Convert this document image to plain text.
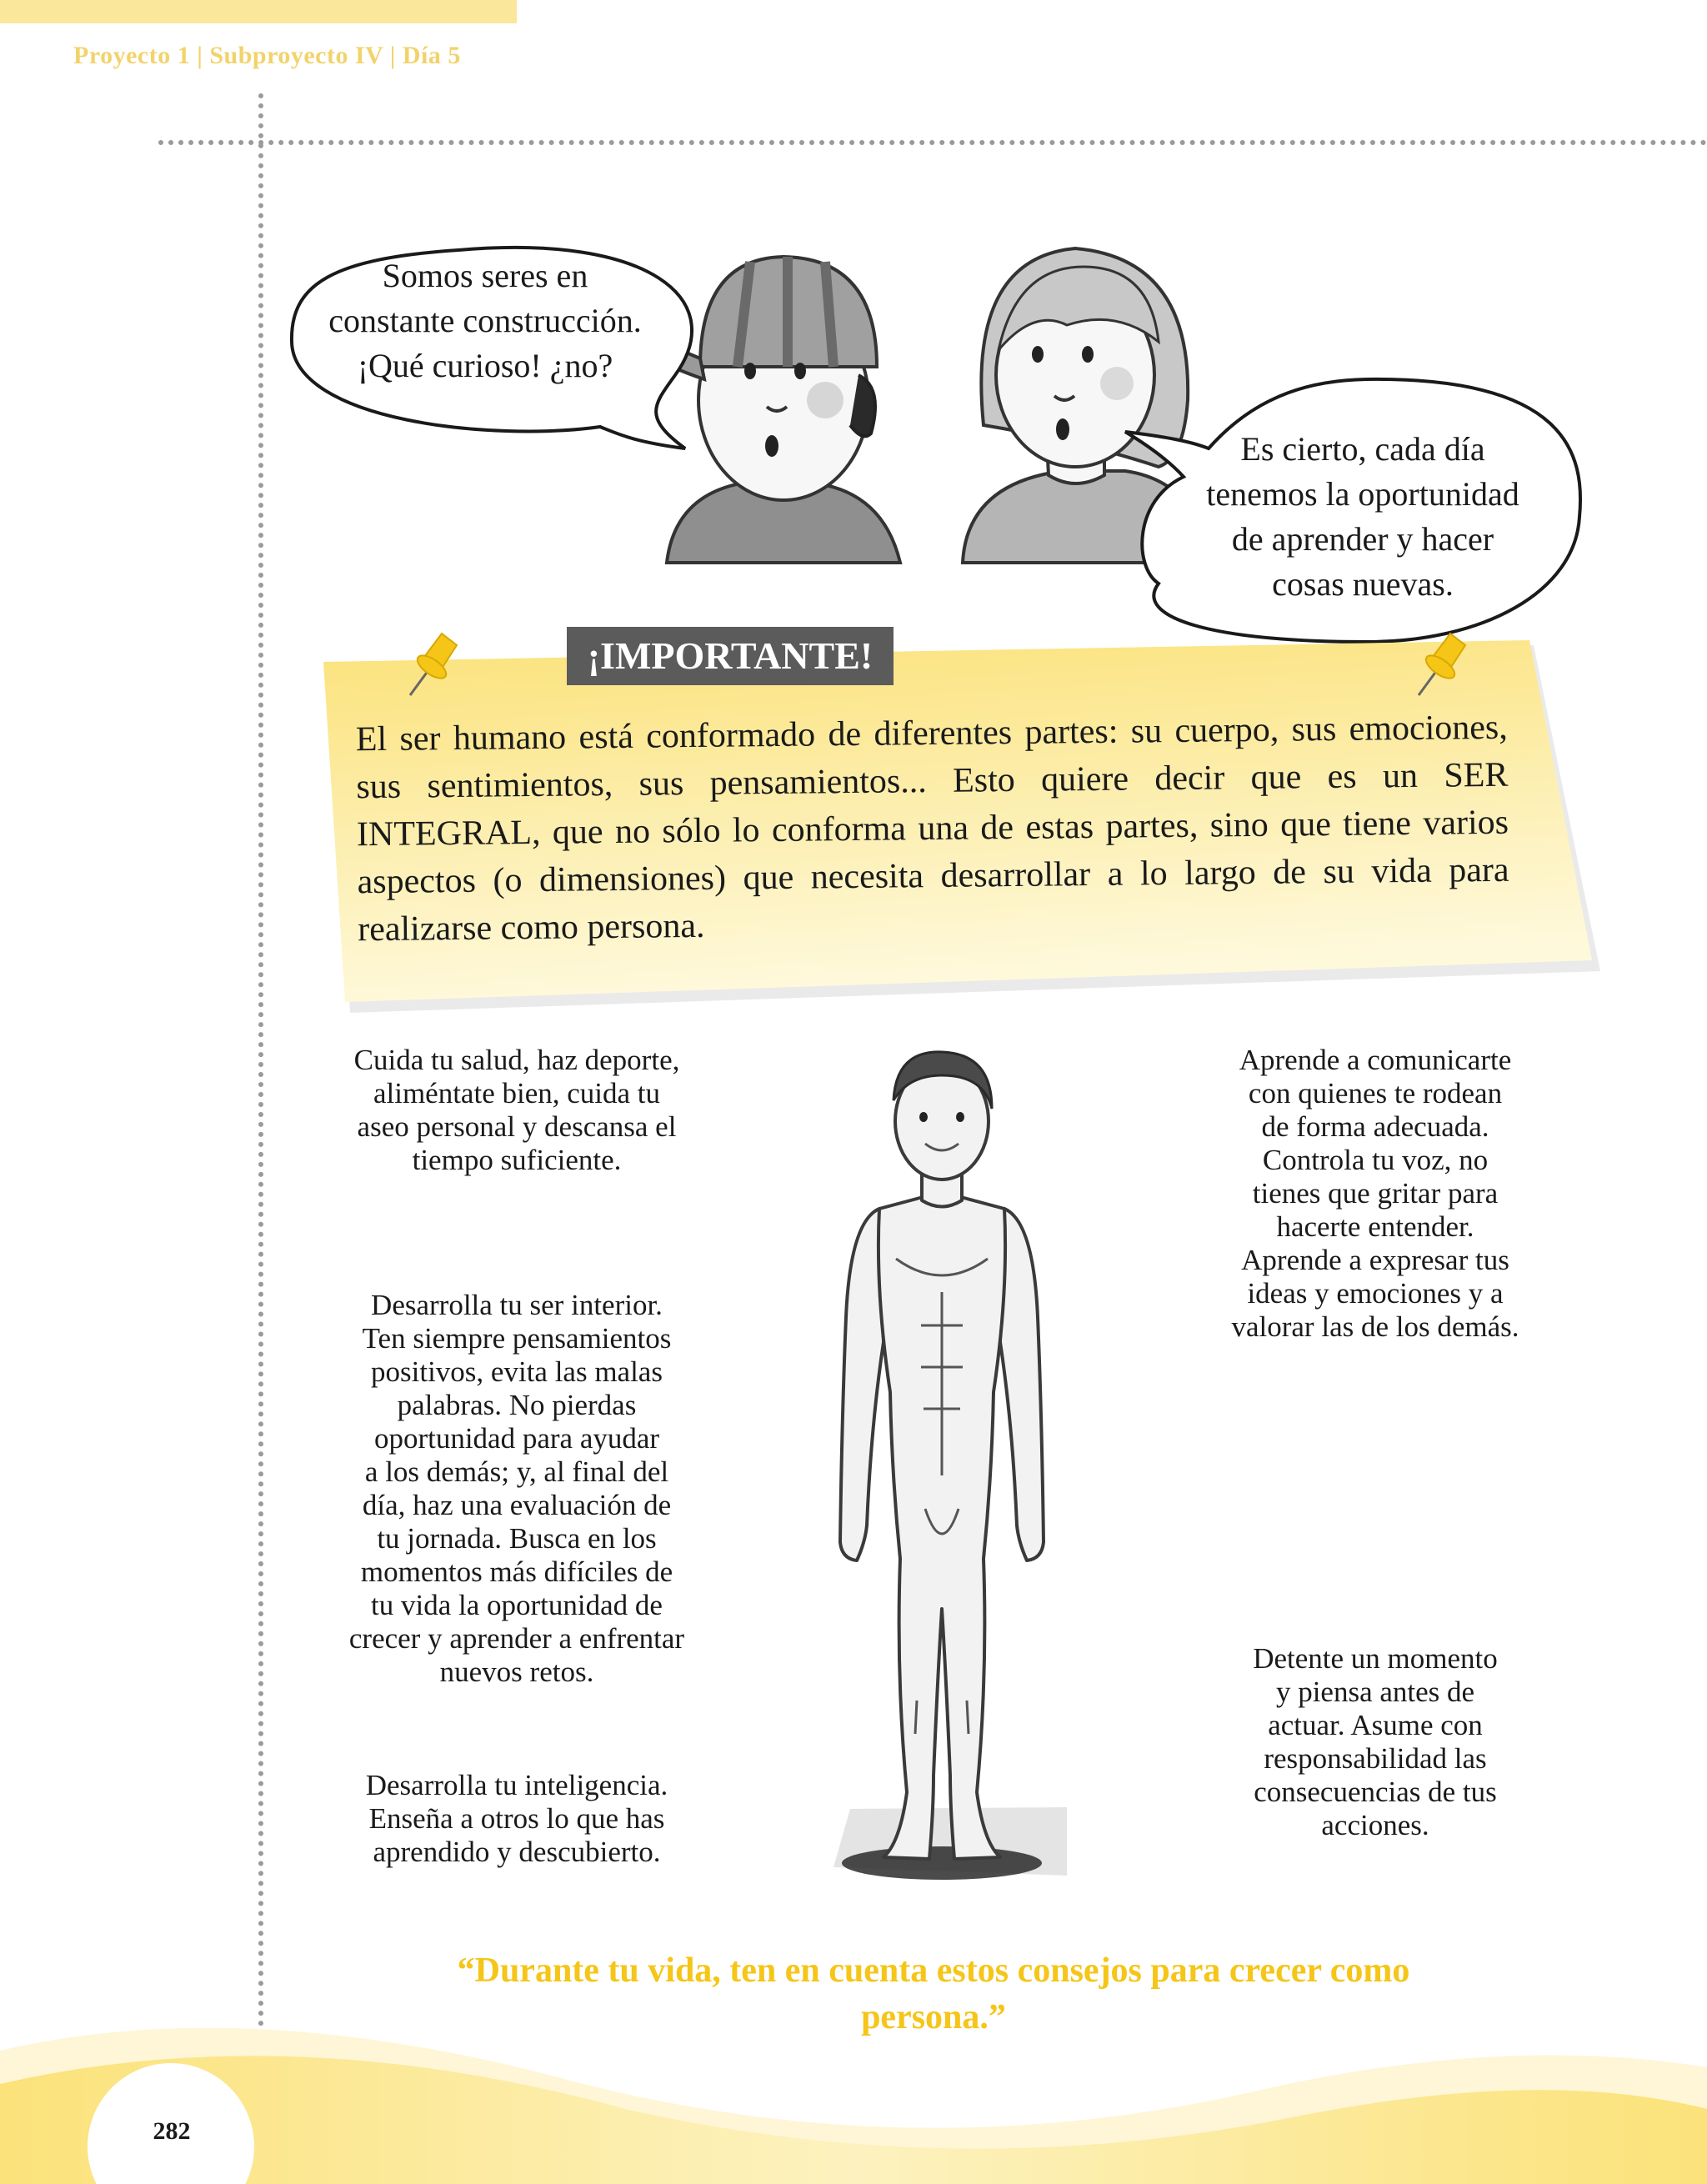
Proyecto 1 | Subproyecto IV | Día 5
Somos seres en
constante construcción.
¡Qué curioso! ¿no?
Es cierto, cada día
tenemos la oportunidad
de aprender y hacer
cosas nuevas.
¡IMPORTANTE!
El ser humano está conformado de diferentes partes: su cuerpo, sus emociones, sus sentimientos, sus pensamientos... Esto quiere decir que es un SER INTEGRAL, que no sólo lo conforma una de estas partes, sino que tiene varios aspectos (o dimensiones) que necesita desarrollar a lo largo de su vida para realizarse como persona.
Cuida tu salud, haz deporte,
aliméntate bien, cuida tu
aseo personal y descansa el
tiempo suficiente.
Desarrolla tu ser interior.
Ten siempre pensamientos
positivos, evita las malas
palabras. No pierdas
oportunidad para ayudar
a los demás; y, al final del
día, haz una evaluación de
tu jornada. Busca en los
momentos más difíciles de
tu vida la oportunidad de
crecer y aprender a enfrentar
nuevos retos.
Desarrolla tu inteligencia.
Enseña a otros lo que has
aprendido y descubierto.
Aprende a comunicarte
con quienes te rodean
de forma adecuada.
Controla tu voz, no
tienes que gritar para
hacerte entender.
Aprende a expresar tus
ideas y emociones y a
valorar las de los demás.
Detente un momento
y piensa antes de
actuar. Asume con
responsabilidad las
consecuencias de tus
acciones.
“Durante tu vida, ten en cuenta estos consejos para crecer como
persona.”
282
